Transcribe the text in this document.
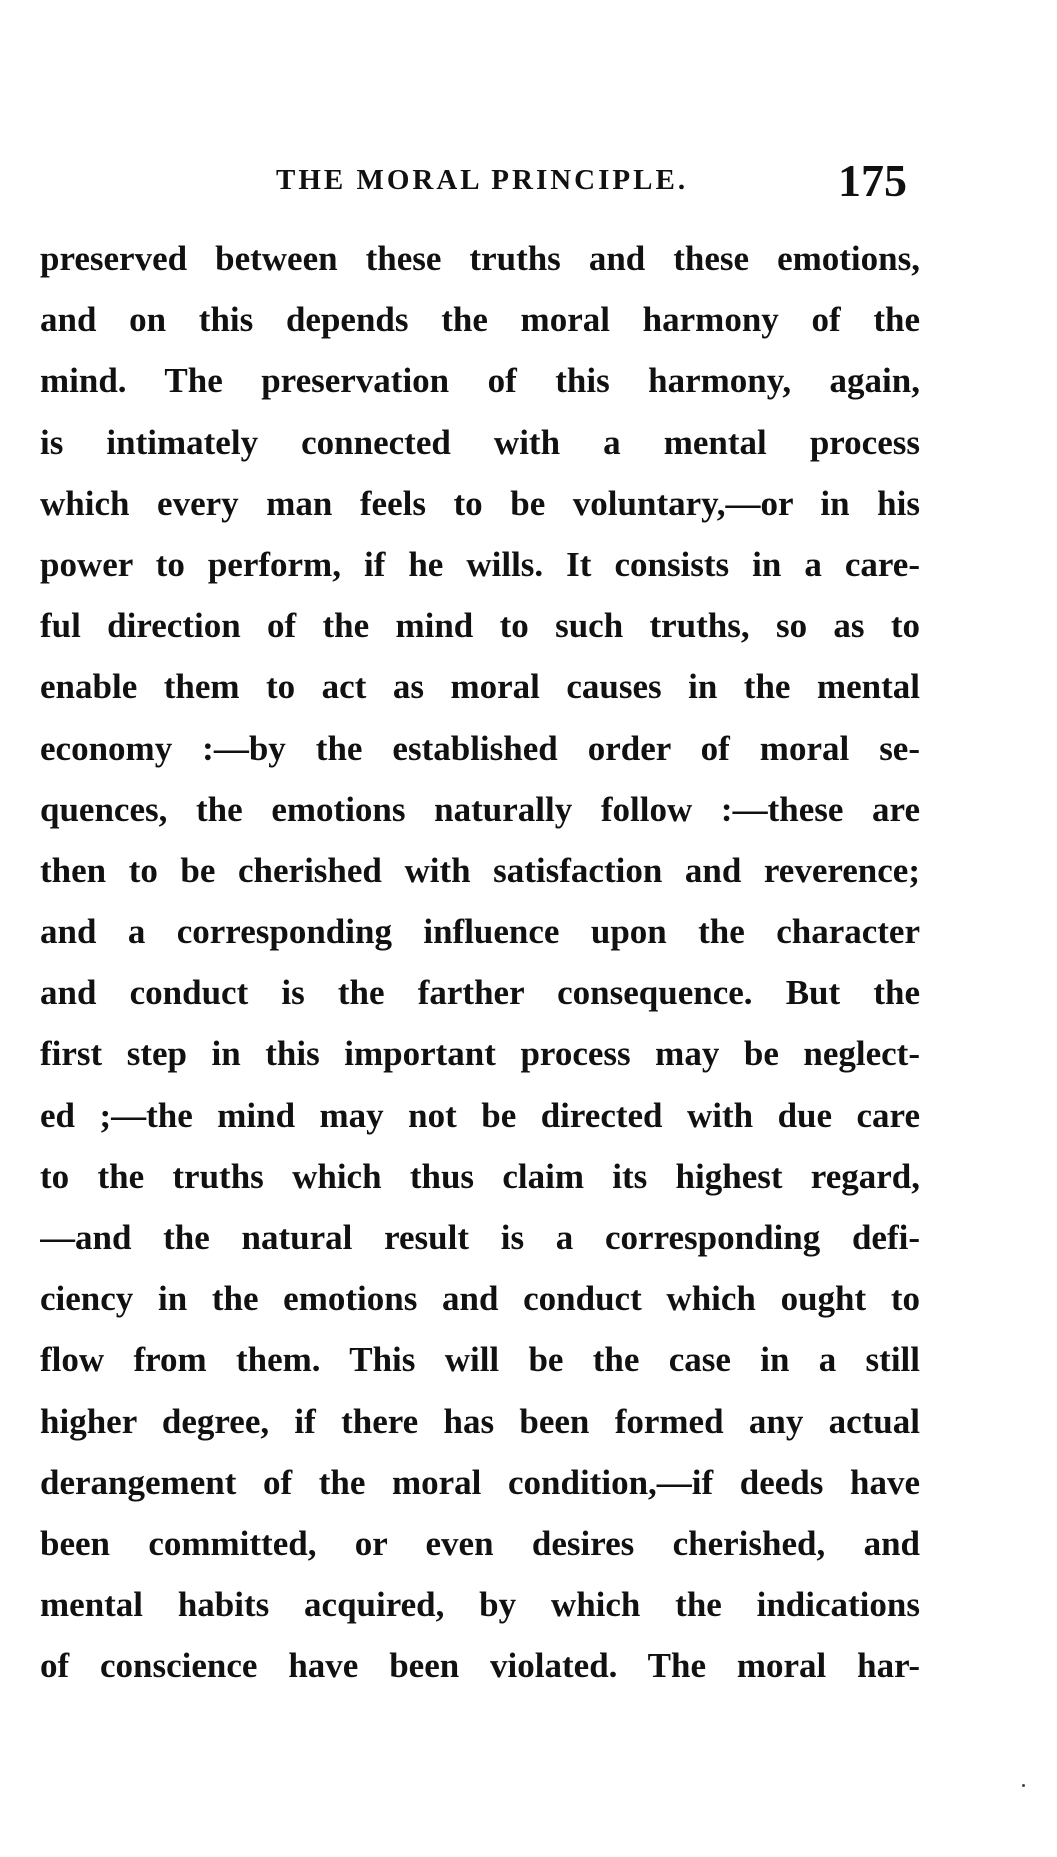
THE MORAL PRINCIPLE.	175
preserved between these truths and these emotions,
and on this depends the moral harmony of the
mind. The preservation of this harmony, again,
is intimately connected with a mental process
which every man feels to be voluntary,—or in his
power to perform, if he wills. It consists in a care-
ful direction of the mind to such truths, so as to
enable them to act as moral causes in the mental
economy :—by the established order of moral se-
quences, the emotions naturally follow :—these are
then to be cherished with satisfaction and reverence;
and a corresponding influence upon the character
and conduct is the farther consequence. But the
first step in this important process may be neglect-
ed ;—the mind may not be directed with due care
to the truths which thus claim its highest regard,
—and the natural result is a corresponding defi-
ciency in the emotions and conduct which ought to
flow from them. This will be the case in a still
higher degree, if there has been formed any actual
derangement of the moral condition,—if deeds have
been committed, or even desires cherished, and
mental habits acquired, by which the indications
of conscience have been violated. The moral har-
